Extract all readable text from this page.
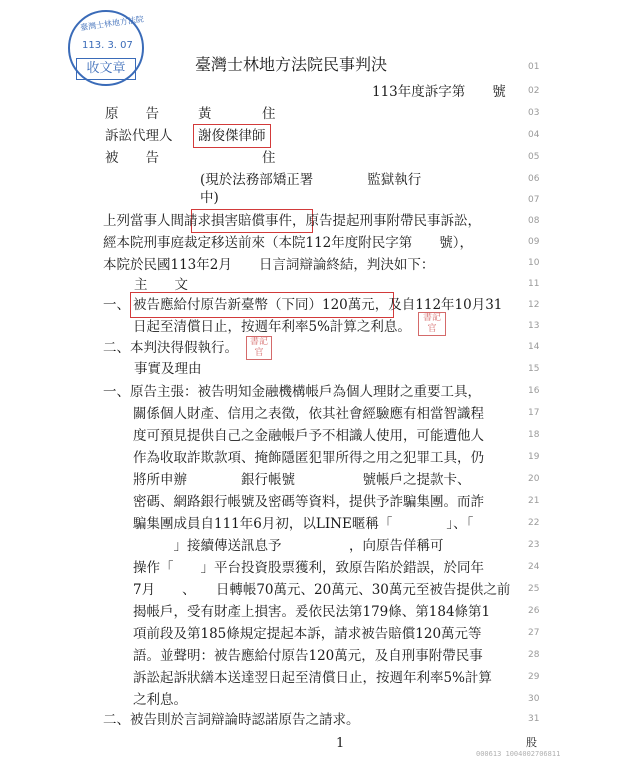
臺灣士林地方法院
113. 3. 07
收文章	臺灣士林地方法院民事判決
113年度訴字第　　號
原　　告	黃	住
訴訟代理人 謝俊傑律師
被　　告	住
(現於法務部矯正署　　　　監獄執行
中)
上列當事人間請求損害賠償事件，原告提起刑事附帶民事訴訟，
經本院刑事庭裁定移送前來（本院112年度附民字第　　號），
本院於民國113年2月　　日言詞辯論終結，判決如下：
主　　文
一、 被告應給付原告新臺幣（下同）120萬元，及自112年10月31
日起至清償日止，按週年利率5%計算之利息。
書記官
二、本判決得假執行。	書記官
事實及理由
一、原告主張：被告明知金融機構帳戶為個人理財之重要工具，
關係個人財產、信用之表徵，依其社會經驗應有相當智識程
度可預見提供自己之金融帳戶予不相識人使用，可能遭他人
作為收取詐欺款項、掩飾隱匿犯罪所得之用之犯罪工具，仍
將所申辦　　　　銀行帳號　　　　　號帳戶之提款卡、
密碼、網路銀行帳號及密碼等資料，提供予詐騙集團。而詐
騙集團成員自111年6月初，以LINE暱稱「　　　　」、「
　　　」接續傳送訊息予　　　　　，向原告佯稱可
操作「　　」平台投資股票獲利，致原告陷於錯誤，於同年
7月　　、　　日轉帳70萬元、20萬元、30萬元至被告提供之前
揭帳戶，受有財產上損害。爰依民法第179條、第184條第1
項前段及第185條規定提起本訴，請求被告賠償120萬元等
語。並聲明：被告應給付原告120萬元，及自刑事附帶民事
訴訟起訴狀繕本送達翌日起至清償日止，按週年利率5%計算
之利息。
二、被告則於言詞辯論時認諾原告之請求。
01
02
03
04
05
06
07
08
09
10
11
12
13
14
15
16
17
18
19
20
21
22
23
24
25
26
27
28
29
30
31
1	股
000613 1004002706811
